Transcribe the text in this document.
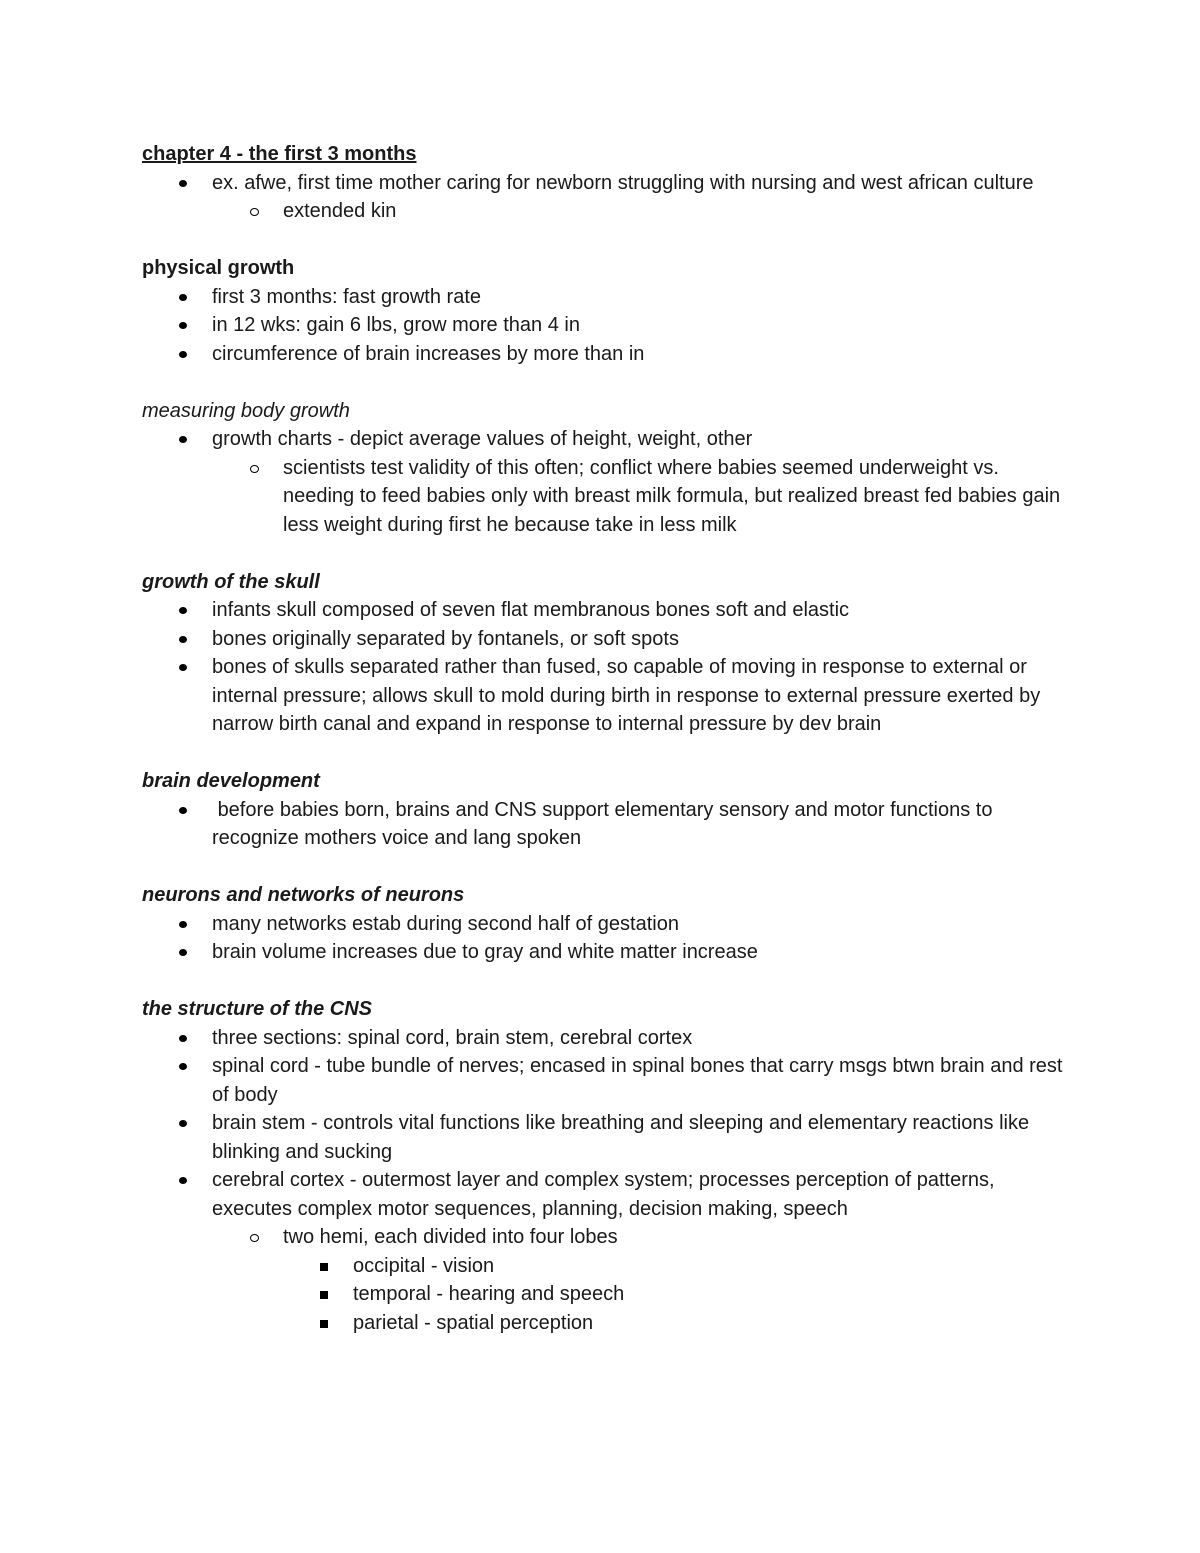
chapter 4 - the first 3 months
ex. afwe, first time mother caring for newborn struggling with nursing and west african culture
extended kin
physical growth
first 3 months: fast growth rate
in 12 wks: gain 6 lbs, grow more than 4 in
circumference of brain increases by more than in
measuring body growth
growth charts - depict average values of height, weight, other
scientists test validity of this often; conflict where babies seemed underweight vs. needing to feed babies only with breast milk formula, but realized breast fed babies gain less weight during first he because take in less milk
growth of the skull
infants skull composed of seven flat membranous bones soft and elastic
bones originally separated by fontanels, or soft spots
bones of skulls separated rather than fused, so capable of moving in response to external or internal pressure; allows skull to mold during birth in response to external pressure exerted by narrow birth canal and expand in response to internal pressure by dev brain
brain development
before babies born, brains and CNS support elementary sensory and motor functions to recognize mothers voice and lang spoken
neurons and networks of neurons
many networks estab during second half of gestation
brain volume increases due to gray and white matter increase
the structure of the CNS
three sections: spinal cord, brain stem, cerebral cortex
spinal cord - tube bundle of nerves; encased in spinal bones that carry msgs btwn brain and rest of body
brain stem - controls vital functions like breathing and sleeping and elementary reactions like blinking and sucking
cerebral cortex - outermost layer and complex system; processes perception of patterns, executes complex motor sequences, planning, decision making, speech
two hemi, each divided into four lobes
occipital - vision
temporal - hearing and speech
parietal - spatial perception
